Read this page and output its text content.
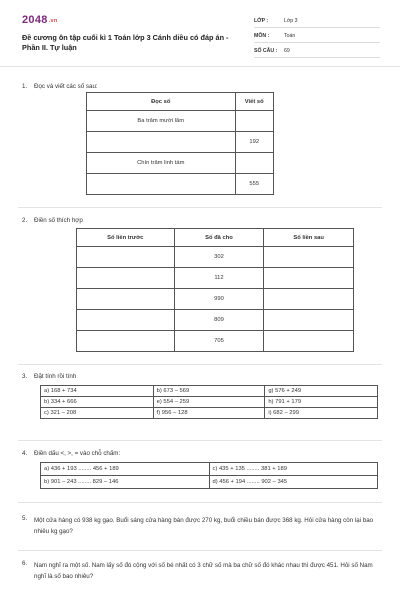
2048.vn
Đề cương ôn tập cuối kì 1 Toán lớp 3 Cánh diều có đáp án - Phần II. Tự luận
LỚP :	Lớp 3
MÔN :	Toán
SỐ CÂU : 69
1. Đọc và viết các số sau:
Đọc số	Viết số
Ba trăm mười lăm	
	192
Chín trăm linh tám	
	555
2. Điền số thích hợp
Số liền trước	Số đã cho	Số liền sau
	302	
	112	
	990	
	809	
	705	
3. Đặt tính rồi tính
a) 168 + 734	b) 673 – 569	g) 576 + 249
b) 334 + 666	e) 554 – 259	h) 791 + 179
c) 321 – 208	f) 956 – 128	i) 682 – 299
4. Điền dấu <, >, = vào chỗ chấm:
a) 436 + 193 ........ 456 + 189	c) 435 + 135 ........ 381 + 189
b) 901 – 243 ........ 829 – 146	d) 456 + 194 ........ 902 – 345
5. Một cửa hàng có 938 kg gạo. Buổi sáng cửa hàng bán được 270 kg, buổi chiều bán được 368 kg. Hỏi cửa hàng còn lại bao nhiêu kg gạo?
6. Nam nghĩ ra một số. Nam lấy số đó cộng với số bé nhất có 3 chữ số mà ba chữ số đó khác nhau thì được 451. Hỏi số Nam nghĩ là số bao nhiêu?
